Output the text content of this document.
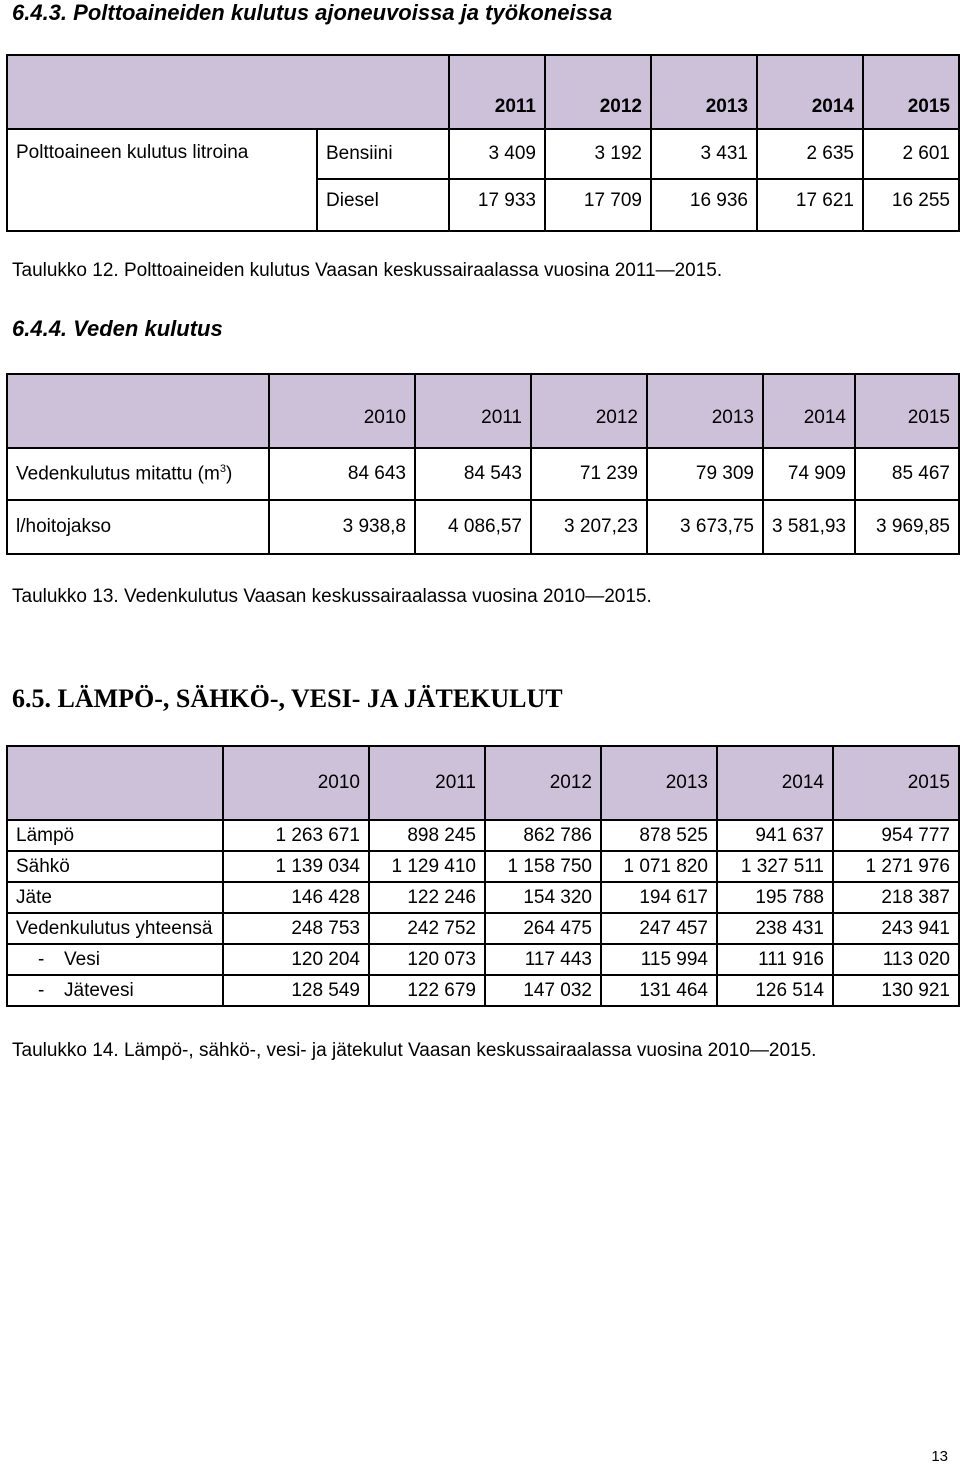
6.4.3. Polttoaineiden kulutus ajoneuvoissa ja työkoneissa
		2011	2012	2013	2014	2015
Polttoaineen kulutus litroina	Bensiini	3 409	3 192	3 431	2 635	2 601
	Diesel	17 933	17 709	16 936	17 621	16 255

Taulukko 12. Polttoaineiden kulutus Vaasan keskussairaalassa vuosina 2011—2015.

6.4.4. Veden kulutus
	2010	2011	2012	2013	2014	2015
Vedenkulutus mitattu $(m^3)$	84 643	84 543	71 239	79 309	74 909	85 467
l/hoitojakso	3 938,8	4 086,57	3 207,23	3 673,75	3 581,93	3 969,85

Taulukko 13. Vedenkulutus Vaasan keskussairaalassa vuosina 2010—2015.

6.5. LÄMPÖ-, SÄHKÖ-, VESI- JA JÄTEKULUT
	2010	2011	2012	2013	2014	2015
Lämpö	1 263 671	898 245	862 786	878 525	941 637	954 777
Sähkö	1 139 034	1 129 410	1 158 750	1 071 820	1 327 511	1 271 976
Jäte	146 428	122 246	154 320	194 617	195 788	218 387
Vedenkulutus yhteensä	248 753	242 752	264 475	247 457	238 431	243 941
- Vesi	120 204	120 073	117 443	115 994	111 916	113 020
- Jätevesi	128 549	122 679	147 032	131 464	126 514	130 921

Taulukko 14. Lämpö-, sähkö-, vesi- ja jätekulut Vaasan keskussairaalassa vuosina 2010—2015.

13
